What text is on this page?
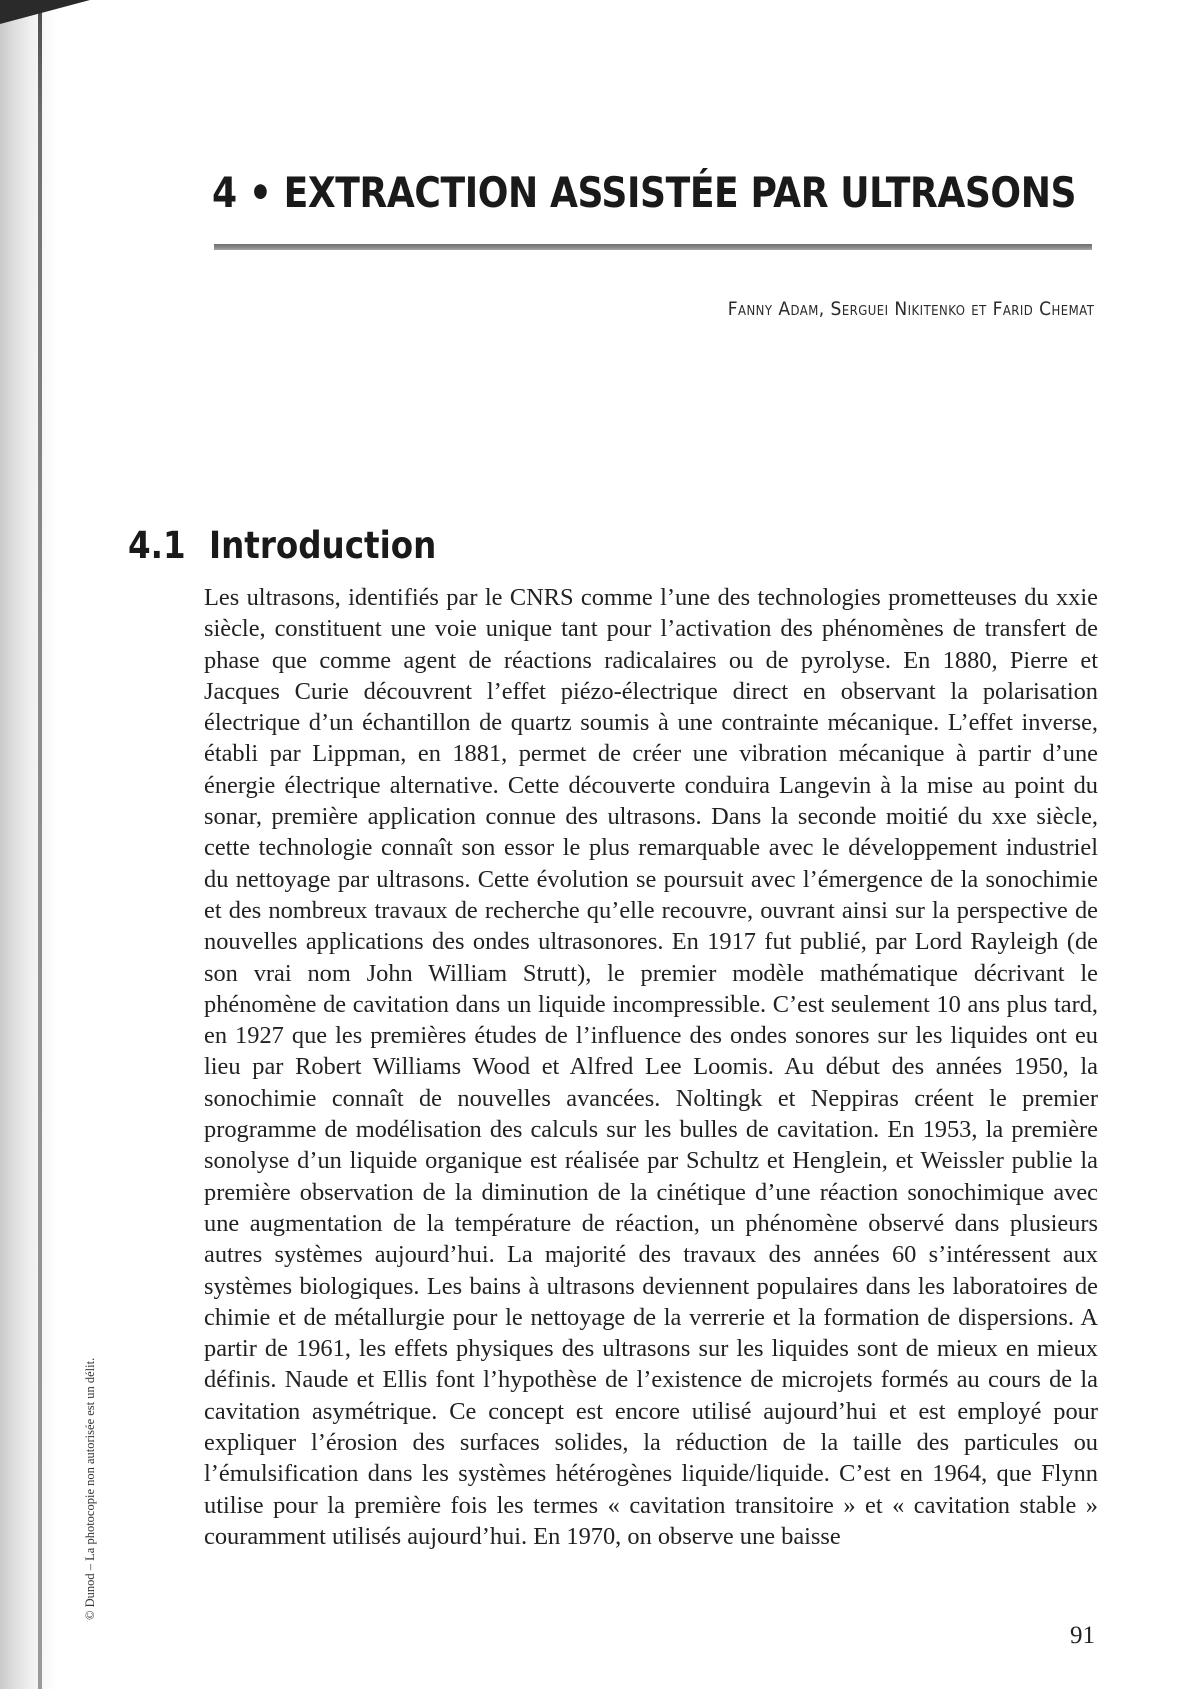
4 • EXTRACTION ASSISTÉE PAR ULTRASONS
Fanny Adam, Serguei Nikitenko et Farid Chemat
4.1 Introduction

Les ultrasons, identifiés par le CNRS comme l’une des technologies prometteuses du xxie siècle, constituent une voie unique tant pour l’activation des phénomènes de transfert de phase que comme agent de réactions radicalaires ou de pyrolyse. En 1880, Pierre et Jacques Curie découvrent l’effet piézo-électrique direct en observant la polarisation électrique d’un échantillon de quartz soumis à une contrainte mécanique. L’effet inverse, établi par Lippman, en 1881, permet de créer une vibration mécanique à partir d’une énergie électrique alternative. Cette découverte conduira Langevin à la mise au point du sonar, première application connue des ultrasons. Dans la seconde moitié du xxe siècle, cette technologie connaît son essor le plus remarquable avec le développement industriel du nettoyage par ultrasons. Cette évolution se poursuit avec l’émergence de la sonochimie et des nombreux travaux de recherche qu’elle recouvre, ouvrant ainsi sur la perspective de nouvelles applications des ondes ultrasonores. En 1917 fut publié, par Lord Rayleigh (de son vrai nom John William Strutt), le premier modèle mathématique décrivant le phénomène de cavitation dans un liquide incompressible. C’est seulement 10 ans plus tard, en 1927 que les premières études de l’influence des ondes sonores sur les liquides ont eu lieu par Robert Williams Wood et Alfred Lee Loomis. Au début des années 1950, la sonochimie connaît de nouvelles avancées. Noltingk et Neppiras créent le premier programme de modélisation des calculs sur les bulles de cavitation. En 1953, la première sonolyse d’un liquide organique est réalisée par Schultz et Henglein, et Weissler publie la première observation de la diminution de la cinétique d’une réaction sonochimique avec une augmentation de la température de réaction, un phénomène observé dans plusieurs autres systèmes aujourd’hui. La majorité des travaux des années 60 s’intéressent aux systèmes biologiques. Les bains à ultrasons deviennent populaires dans les laboratoires de chimie et de métallurgie pour le nettoyage de la verrerie et la formation de dispersions. A partir de 1961, les effets physiques des ultrasons sur les liquides sont de mieux en mieux définis. Naude et Ellis font l’hypothèse de l’existence de microjets formés au cours de la cavitation asymétrique. Ce concept est encore utilisé aujourd’hui et est employé pour expliquer l’érosion des surfaces solides, la réduction de la taille des particules ou l’émulsification dans les systèmes hétérogènes liquide/liquide. C’est en 1964, que Flynn utilise pour la première fois les termes « cavitation transitoire » et « cavitation stable » couramment utilisés aujourd’hui. En 1970, on observe une baisse

© Dunod – La photocopie non autorisée est un délit.
91
